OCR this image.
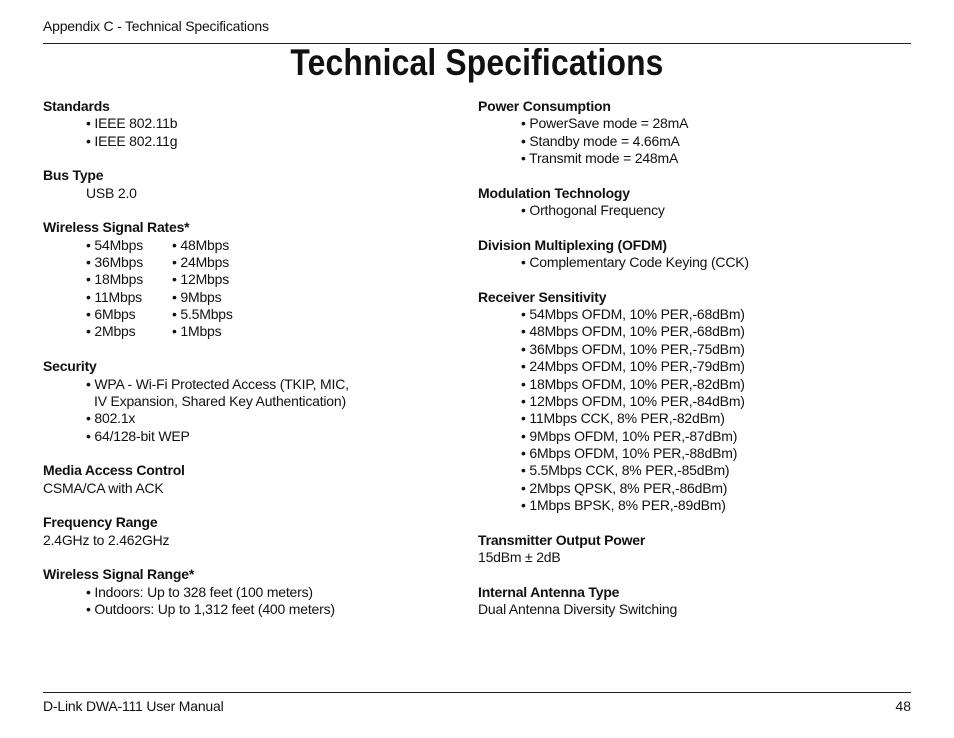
Appendix C - Technical Specifications
Technical Specifications
Standards
• IEEE 802.11b
• IEEE 802.11g
Bus Type
USB 2.0
Wireless Signal Rates*
• 54Mbps	• 48Mbps
• 36Mbps	• 24Mbps
• 18Mbps	• 12Mbps
• 11Mbps	• 9Mbps
• 6Mbps	• 5.5Mbps
• 2Mbps	• 1Mbps
Security
• WPA - Wi-Fi Protected Access (TKIP, MIC,
IV Expansion, Shared Key Authentication)
• 802.1x
• 64/128-bit WEP
Media Access Control
CSMA/CA with ACK
Frequency Range
2.4GHz to 2.462GHz
Wireless Signal Range*
• Indoors: Up to 328 feet (100 meters)
• Outdoors: Up to 1,312 feet (400 meters)
Power Consumption
• PowerSave mode = 28mA
• Standby mode = 4.66mA
• Transmit mode = 248mA
Modulation Technology
• Orthogonal Frequency
Division Multiplexing (OFDM)
• Complementary Code Keying (CCK)
Receiver Sensitivity
• 54Mbps OFDM, 10% PER,-68dBm)
• 48Mbps OFDM, 10% PER,-68dBm)
• 36Mbps OFDM, 10% PER,-75dBm)
• 24Mbps OFDM, 10% PER,-79dBm)
• 18Mbps OFDM, 10% PER,-82dBm)
• 12Mbps OFDM, 10% PER,-84dBm)
• 11Mbps CCK, 8% PER,-82dBm)
• 9Mbps OFDM, 10% PER,-87dBm)
• 6Mbps OFDM, 10% PER,-88dBm)
• 5.5Mbps CCK, 8% PER,-85dBm)
• 2Mbps QPSK, 8% PER,-86dBm)
• 1Mbps BPSK, 8% PER,-89dBm)
Transmitter Output Power
15dBm ± 2dB
Internal Antenna Type
Dual Antenna Diversity Switching
D-Link DWA-111 User Manual	48
